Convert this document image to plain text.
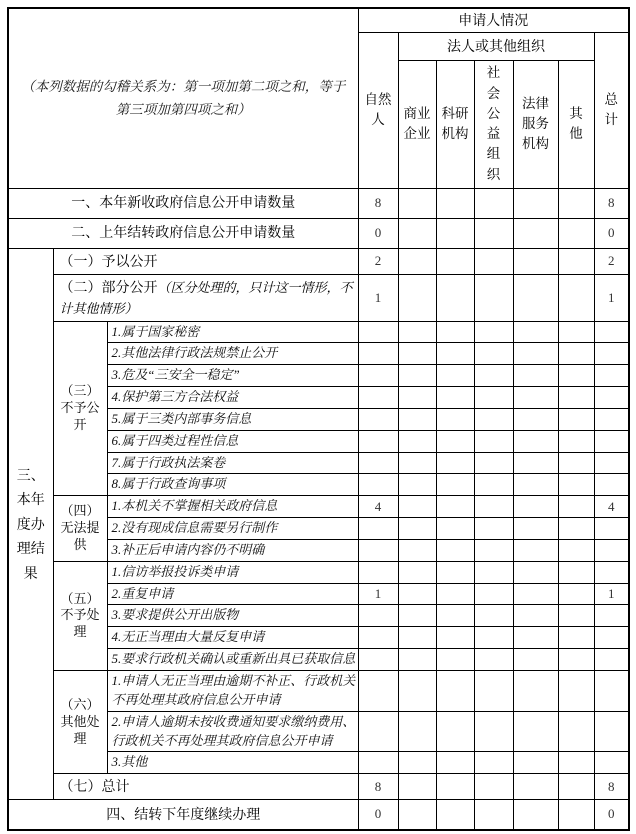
（本列数据的勾稽关系为：第一项加第二项之和，等于第三项加第四项之和）			申请人情况						
			自然人	法人或其他组织					总计
				商业企业	科研机构	社会公益组织	法律服务机构	其他	
一、本年新收政府信息公开申请数量			8						8
二、上年结转政府信息公开申请数量			0						0
三、本年度办理结果	（一）予以公开		2						2
	（二）部分公开（区分处理的，只计这一情形，不计其他情形）		1						1
	（三）不予公开	1.属于国家秘密							
		2.其他法律行政法规禁止公开							
		3.危及“三安全一稳定”							
		4.保护第三方合法权益							
		5.属于三类内部事务信息							
		6.属于四类过程性信息							
		7.属于行政执法案卷							
		8.属于行政查询事项							
	（四）无法提供	1.本机关不掌握相关政府信息	4						4
		2.没有现成信息需要另行制作							
		3.补正后申请内容仍不明确							
	（五）不予处理	1.信访举报投诉类申请							
		2.重复申请	1						1
		3.要求提供公开出版物							
		4.无正当理由大量反复申请							
		5.要求行政机关确认或重新出具已获取信息							
	（六）其他处理	1.申请人无正当理由逾期不补正、行政机关不再处理其政府信息公开申请							
		2.申请人逾期未按收费通知要求缴纳费用、行政机关不再处理其政府信息公开申请							
		3.其他							
	（七）总计		8						8
四、结转下年度继续办理			0						0
